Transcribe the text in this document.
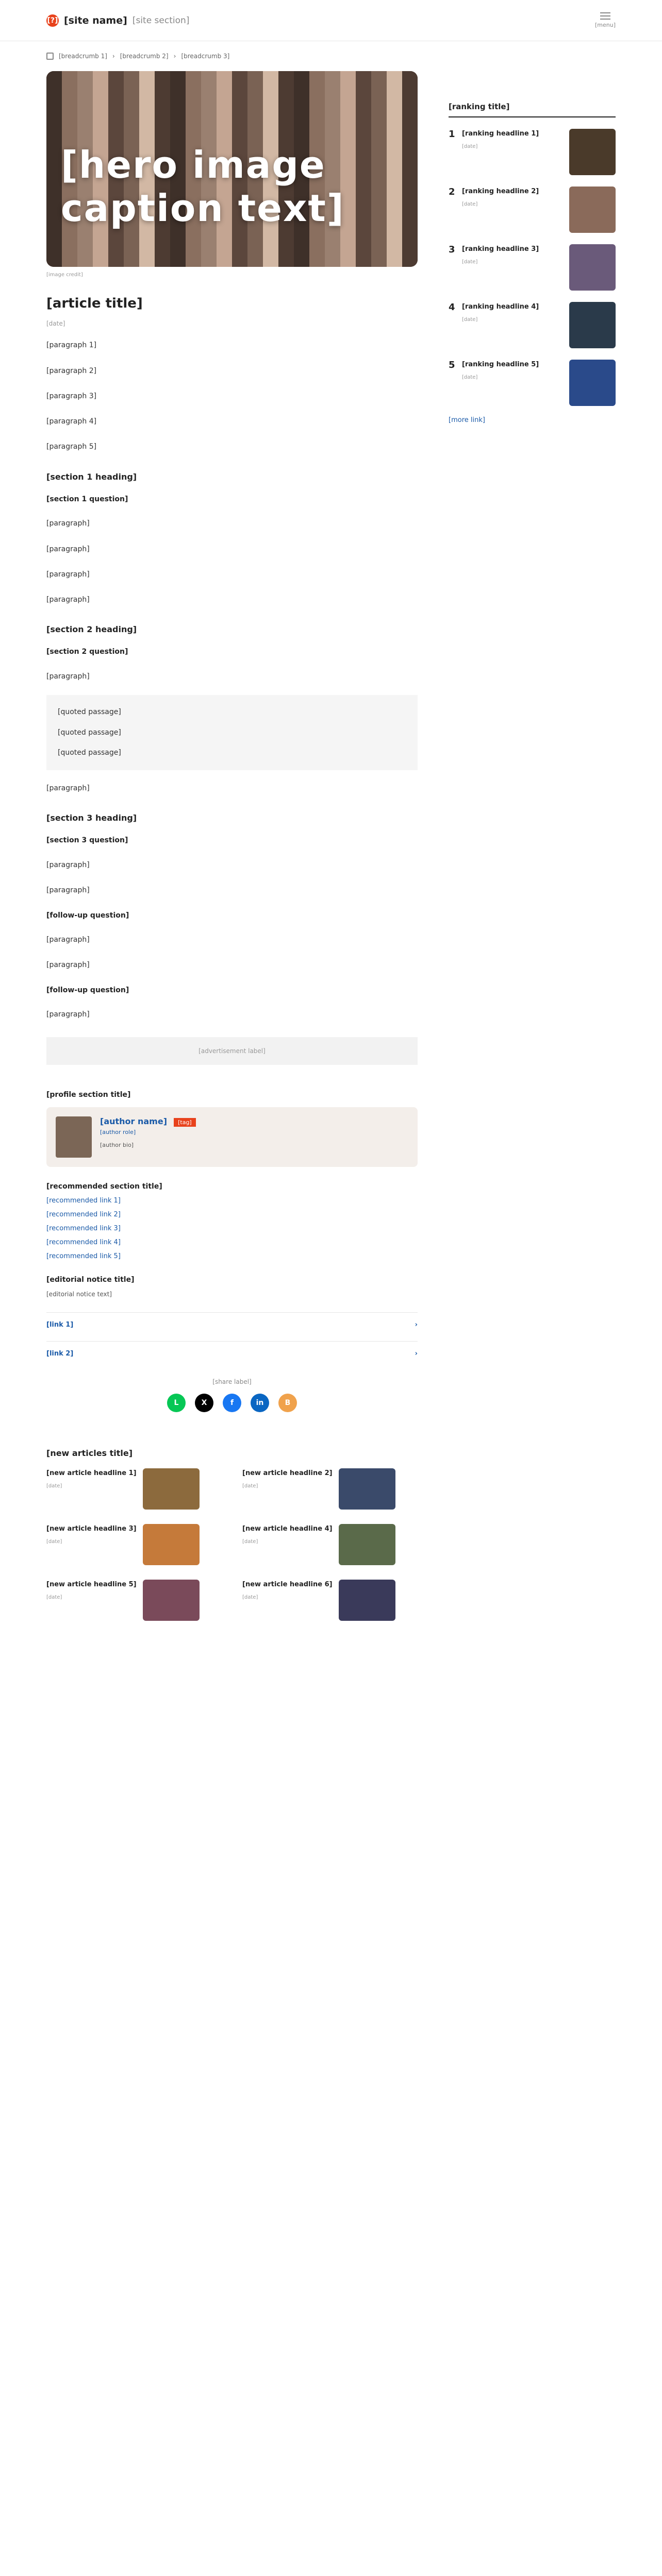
[?] [site name] [site section]	[menu]
[breadcrumb 1] › [breadcrumb 2] › [breadcrumb 3]
[hero image caption text]
[image credit]
[article title]
[date]

[paragraph 1]

[paragraph 2]

[paragraph 3]

[paragraph 4]

[paragraph 5]

[section 1 heading]
[section 1 question]

[paragraph]

[paragraph]

[paragraph]

[paragraph]

[section 2 heading]
[section 2 question]

[paragraph]

[quoted passage]

[quoted passage]

[quoted passage]

[paragraph]

[section 3 heading]
[section 3 question]

[paragraph]

[paragraph]

[follow-up question]

[paragraph]

[paragraph]

[follow-up question]

[paragraph]

[advertisement label]
[profile section title]
[author name] [tag]
[author role]
[author bio]
[recommended section title]
[recommended link 1]
[recommended link 2]
[recommended link 3]
[recommended link 4]
[recommended link 5]
[editorial notice title]
[editorial notice text]
[link 1]	›
[link 2]	›
[share label]
L	X	f	in	B
[new articles title]
[new article headline 1]
[date]
[new article headline 2]
[date]
[new article headline 3]
[date]
[new article headline 4]
[date]
[new article headline 5]
[date]
[new article headline 6]
[date]
[ranking title]
1 [ranking headline 1]
[date]
2 [ranking headline 2]
[date]
3 [ranking headline 3]
[date]
4 [ranking headline 4]
[date]
5 [ranking headline 5]
[date]
[more link]
